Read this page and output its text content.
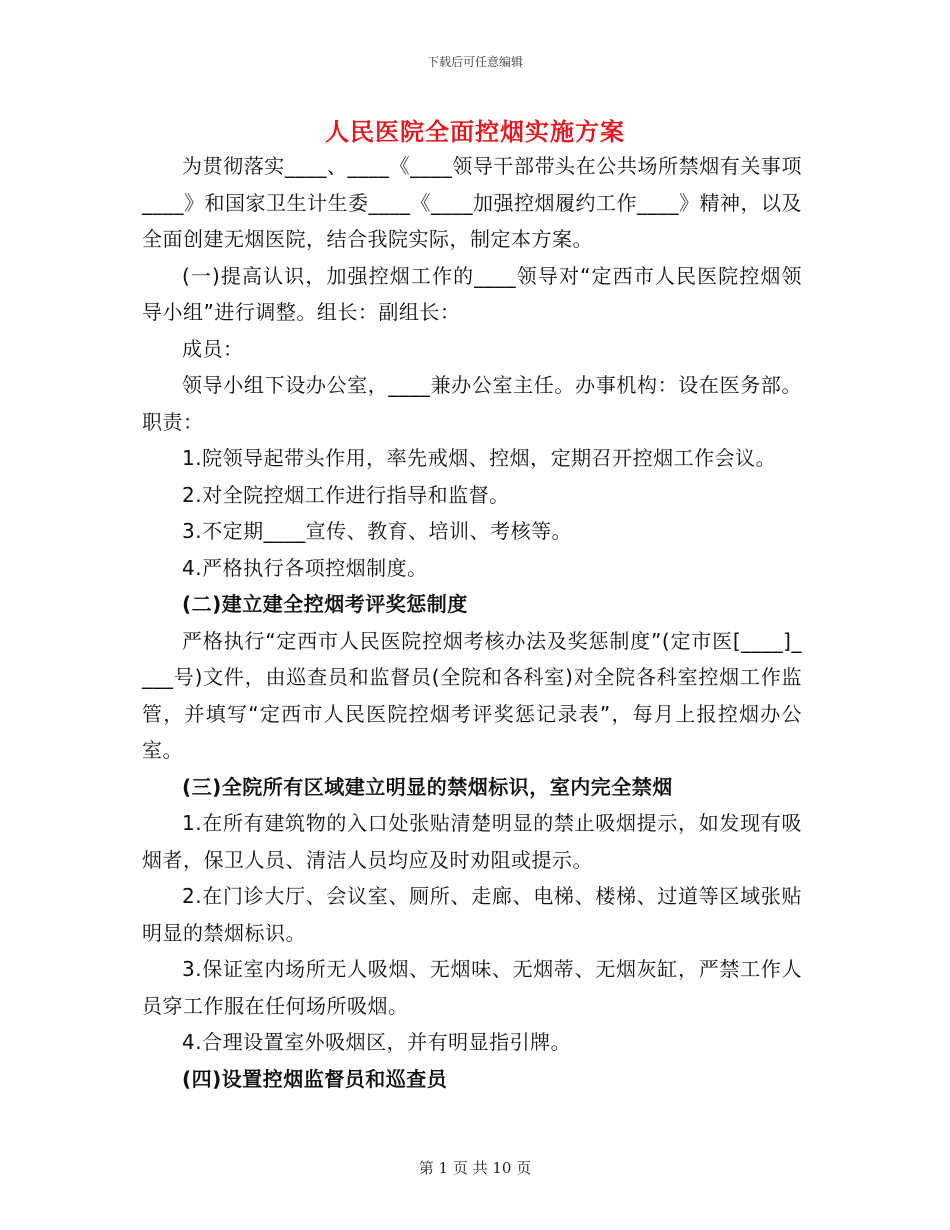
下载后可任意编辑
人民医院全面控烟实施方案

为贯彻落实____、____《____领导干部带头在公共场所禁烟有关事项____》和国家卫生计生委____《____加强控烟履约工作____》精神，以及全面创建无烟医院，结合我院实际，制定本方案。

(一)提高认识，加强控烟工作的____领导对“定西市人民医院控烟领导小组”进行调整。组长：副组长：

成员：

领导小组下设办公室，____兼办公室主任。办事机构：设在医务部。职责：

1.院领导起带头作用，率先戒烟、控烟，定期召开控烟工作会议。

2.对全院控烟工作进行指导和监督。

3.不定期____宣传、教育、培训、考核等。

4.严格执行各项控烟制度。

(二)建立建全控烟考评奖惩制度

严格执行“定西市人民医院控烟考核办法及奖惩制度”(定市医[____]____号)文件，由巡查员和监督员(全院和各科室)对全院各科室控烟工作监管，并填写“定西市人民医院控烟考评奖惩记录表”，每月上报控烟办公室。

(三)全院所有区域建立明显的禁烟标识，室内完全禁烟

1.在所有建筑物的入口处张贴清楚明显的禁止吸烟提示，如发现有吸烟者，保卫人员、清洁人员均应及时劝阻或提示。

2.在门诊大厅、会议室、厕所、走廊、电梯、楼梯、过道等区域张贴明显的禁烟标识。

3.保证室内场所无人吸烟、无烟味、无烟蒂、无烟灰缸，严禁工作人员穿工作服在任何场所吸烟。

4.合理设置室外吸烟区，并有明显指引牌。

(四)设置控烟监督员和巡查员

第 1 页 共 10 页
